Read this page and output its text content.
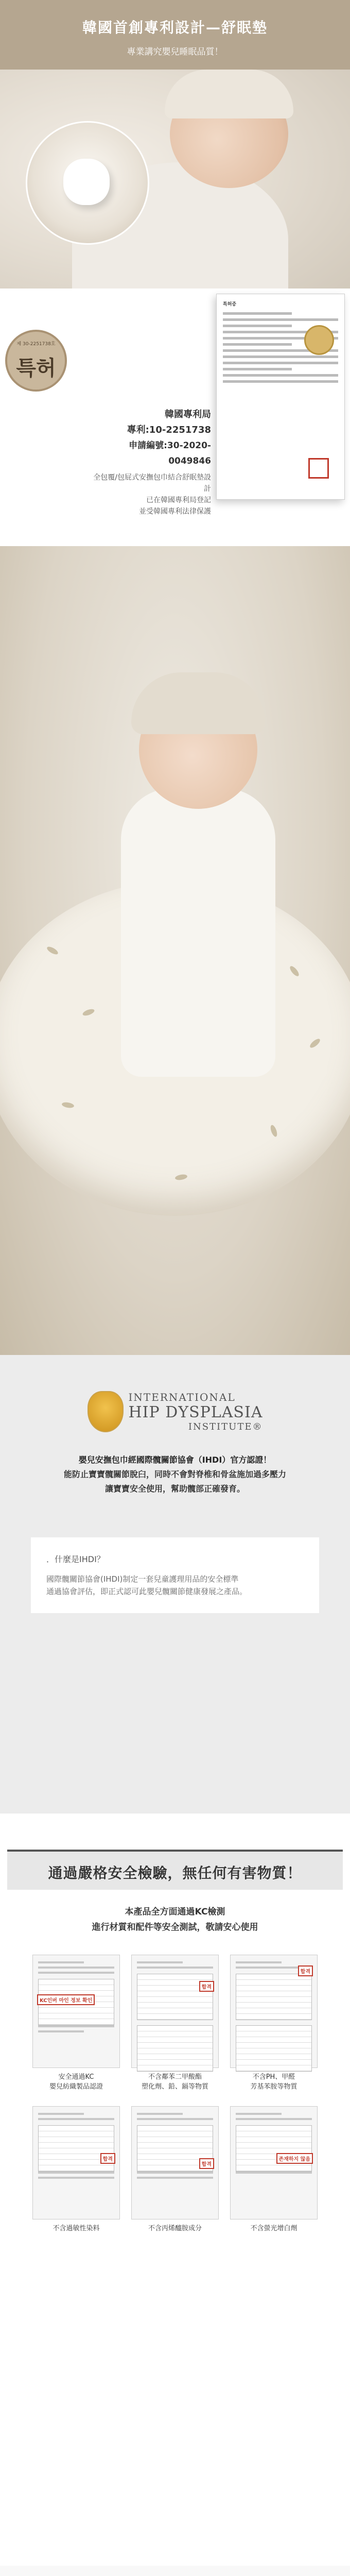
韓國首創專利設計—舒眠墊
專業講究嬰兒睡眠品質！
제 30-2251738호
특허
韓國專利局
專利:10-2251738
申請編號:30-2020-0049846
全包覆/包屁式安撫包巾結合舒眠墊設計
已在韓國專利局登記
並受韓國專利法律保護
특허증
INTERNATIONAL
HIP DYSPLASIA
INSTITUTE®
嬰兒安撫包巾經國際髖關節協會（IHDI）官方認證！
能防止寶寶髖關節脫臼，同時不會對脊椎和骨盆施加過多壓力
讓寶寶安全使用，幫助髖部正確發育。
．什麼是IHDI？
國際髖關節協會(IHDI)制定一套兒童護理用品的安全標準
通過協會評估，即正式認可此嬰兒髖關節健康發展之產品。
通過嚴格安全檢驗，無任何有害物質！
本產品全方面通過KC檢測
進行材質和配件等安全測試，敬請安心使用
KC인버 마인 정보 확인
安全通過KC
嬰兒紡織製品認證
합격
不含鄰苯二甲酸酯
塑化劑、鉛、鎘等物質
합격
不含PH、甲醛
芳基苯胺等物質
합격
不含過敏性染料
합격
不含丙烯醯胺成分
존재하지 않음
不含螢光增白劑
